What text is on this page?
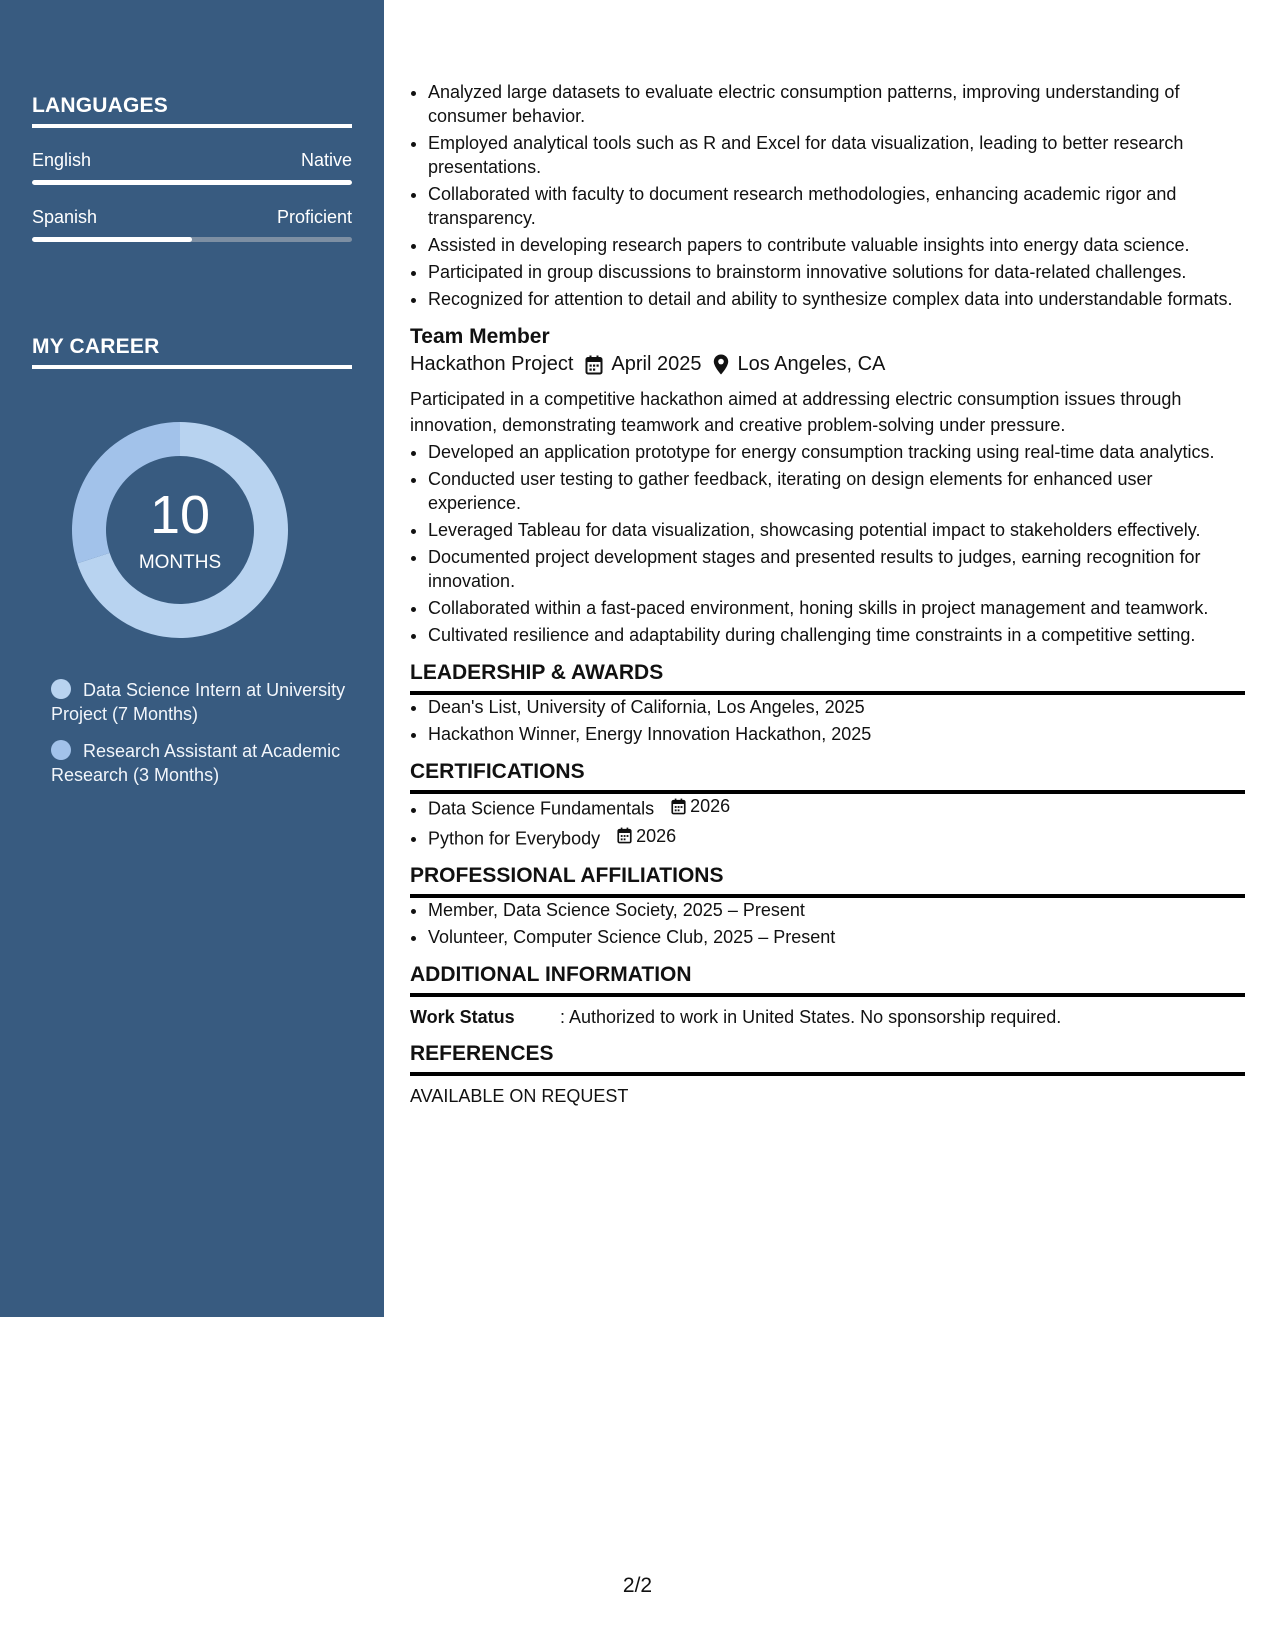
LANGUAGES
English	Native
Spanish	Proficient
MY CAREER
10
MONTHS
Data Science Intern at University Project (7 Months)
Research Assistant at Academic Research (3 Months)
• Analyzed large datasets to evaluate electric consumption patterns, improving understanding of consumer behavior.
• Employed analytical tools such as R and Excel for data visualization, leading to better research presentations.
• Collaborated with faculty to document research methodologies, enhancing academic rigor and transparency.
• Assisted in developing research papers to contribute valuable insights into energy data science.
• Participated in group discussions to brainstorm innovative solutions for data-related challenges.
• Recognized for attention to detail and ability to synthesize complex data into understandable formats.
Team Member
Hackathon Project April 2025 Los Angeles, CA
Participated in a competitive hackathon aimed at addressing electric consumption issues through innovation, demonstrating teamwork and creative problem-solving under pressure.
• Developed an application prototype for energy consumption tracking using real-time data analytics.
• Conducted user testing to gather feedback, iterating on design elements for enhanced user experience.
• Leveraged Tableau for data visualization, showcasing potential impact to stakeholders effectively.
• Documented project development stages and presented results to judges, earning recognition for innovation.
• Collaborated within a fast-paced environment, honing skills in project management and teamwork.
• Cultivated resilience and adaptability during challenging time constraints in a competitive setting.
LEADERSHIP & AWARDS
• Dean's List, University of California, Los Angeles, 2025
• Hackathon Winner, Energy Innovation Hackathon, 2025
CERTIFICATIONS
• Data Science Fundamentals 2026
• Python for Everybody 2026
PROFESSIONAL AFFILIATIONS
• Member, Data Science Society, 2025 – Present
• Volunteer, Computer Science Club, 2025 – Present
ADDITIONAL INFORMATION
Work Status	: Authorized to work in United States. No sponsorship required.
REFERENCES
AVAILABLE ON REQUEST
2/2
